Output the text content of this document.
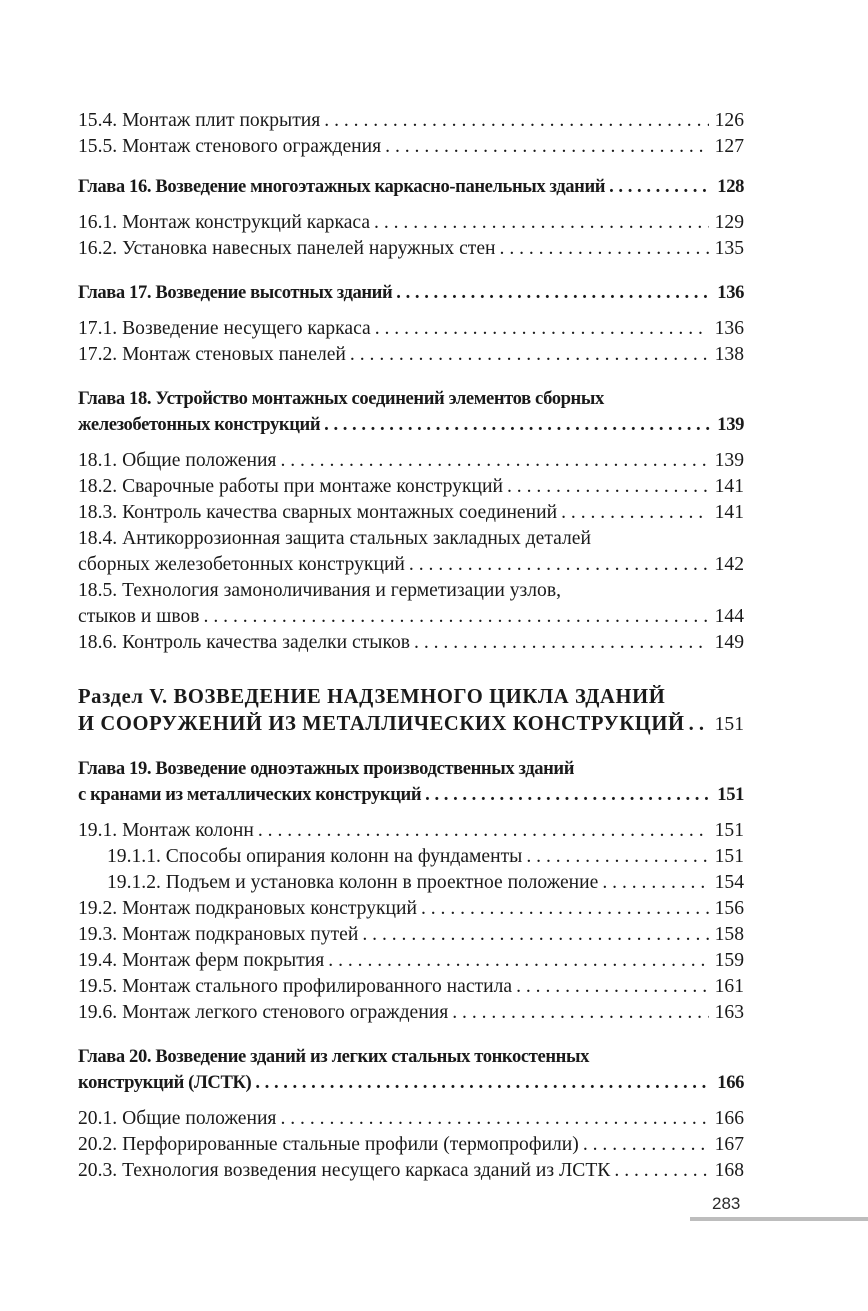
15.4. Монтаж плит покрытия . . .	126
15.5. Монтаж стенового ограждения . . .	127
Глава 16. Возведение многоэтажных каркасно-панельных зданий . . .	128
16.1. Монтаж конструкций каркаса . . .	129
16.2. Установка навесных панелей наружных стен . . .	135
Глава 17. Возведение высотных зданий . . .	136
17.1. Возведение несущего каркаса . . .	136
17.2. Монтаж стеновых панелей . . .	138
Глава 18. Устройство монтажных соединений элементов сборных
железобетонных конструкций . . .	139
18.1. Общие положения . . .	139
18.2. Сварочные работы при монтаже конструкций . . .	141
18.3. Контроль качества сварных монтажных соединений . . .	141
18.4. Антикоррозионная защита стальных закладных деталей
сборных железобетонных конструкций . . .	142
18.5. Технология замоноличивания и герметизации узлов,
стыков и швов . . .	144
18.6. Контроль качества заделки стыков . . .	149
Раздел V. ВОЗВЕДЕНИЕ НАДЗЕМНОГО ЦИКЛА ЗДАНИЙ
И СООРУЖЕНИЙ ИЗ МЕТАЛЛИЧЕСКИХ КОНСТРУКЦИЙ . . . 151
Глава 19. Возведение одноэтажных производственных зданий
с кранами из металлических конструкций . . .	151
19.1. Монтаж колонн . . .	151
19.1.1. Способы опирания колонн на фундаменты . . .	151
19.1.2. Подъем и установка колонн в проектное положение . . .	154
19.2. Монтаж подкрановых конструкций . . .	156
19.3. Монтаж подкрановых путей . . .	158
19.4. Монтаж ферм покрытия . . .	159
19.5. Монтаж стального профилированного настила . . .	161
19.6. Монтаж легкого стенового ограждения . . .	163
Глава 20. Возведение зданий из легких стальных тонкостенных
конструкций (ЛСТК) . . .	166
20.1. Общие положения . . .	166
20.2. Перфорированные стальные профили (термопрофили) . . .	167
20.3. Технология возведения несущего каркаса зданий из ЛСТК . . .	168
283
